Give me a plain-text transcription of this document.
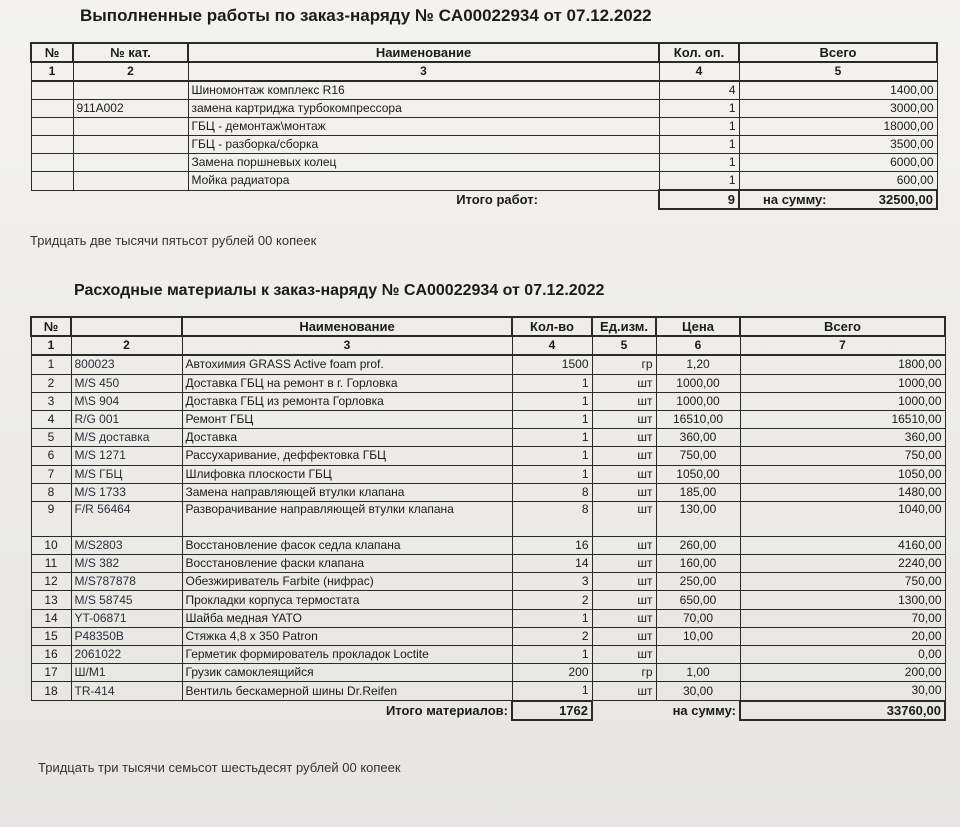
Выполненные работы по заказ-наряду № CA00022934 от 07.12.2022
№	№ кат.	Наименование	Кол. оп.	Всего
1	2	3	4	5
		Шиномонтаж комплекс R16	4	1400,00
	911А002	замена картриджа турбокомпрессора	1	3000,00
		ГБЦ - демонтаж\монтаж	1	18000,00
		ГБЦ - разборка/сборка	1	3500,00
		Замена поршневых колец	1	6000,00
		Мойка радиатора	1	600,00
		Итого работ:	9	на сумму: 32500,00
Тридцать две тысячи пятьсот рублей 00 копеек
Расходные материалы к заказ-наряду № CA00022934 от 07.12.2022
№		Наименование	Кол-во	Ед.изм.	Цена	Всего
1	2	3	4	5	6	7
1	800023	Автохимия GRASS Active foam prof.	1500	гр	1,20	1800,00
2	M/S 450	Доставка ГБЦ на ремонт в г. Горловка	1	шт	1000,00	1000,00
3	M\S 904	Доставка ГБЦ из ремонта Горловка	1	шт	1000,00	1000,00
4	R/G 001	Ремонт ГБЦ	1	шт	16510,00	16510,00
5	M/S доставка	Доставка	1	шт	360,00	360,00
6	M/S 1271	Рассухаривание, деффектовка ГБЦ	1	шт	750,00	750,00
7	M/S ГБЦ	Шлифовка плоскости ГБЦ	1	шт	1050,00	1050,00
8	M/S 1733	Замена направляющей втулки клапана	8	шт	185,00	1480,00
9	F/R 56464	Разворачивание направляющей втулки клапана	8	шт	130,00	1040,00
10	M/S2803	Восстановление фасок седла клапана	16	шт	260,00	4160,00
11	M/S 382	Восстановление фаски клапана	14	шт	160,00	2240,00
12	M/S787878	Обезжириватель Farbite (нифрас)	3	шт	250,00	750,00
13	M/S 58745	Прокладки корпуса термостата	2	шт	650,00	1300,00
14	YT-06871	Шайба медная YATO	1	шт	70,00	70,00
15	P48350B	Стяжка 4,8 х 350 Patron	2	шт	10,00	20,00
16	2061022	Герметик формирователь прокладок Loctite	1	шт		0,00
17	Ш/М1	Грузик самоклеящийся	200	гр	1,00	200,00
18	TR-414	Вентиль бескамерной шины Dr.Reifen	1	шт	30,00	30,00
		Итого материалов:	1762	на сумму:		33760,00
Тридцать три тысячи семьсот шестьдесят рублей 00 копеек
